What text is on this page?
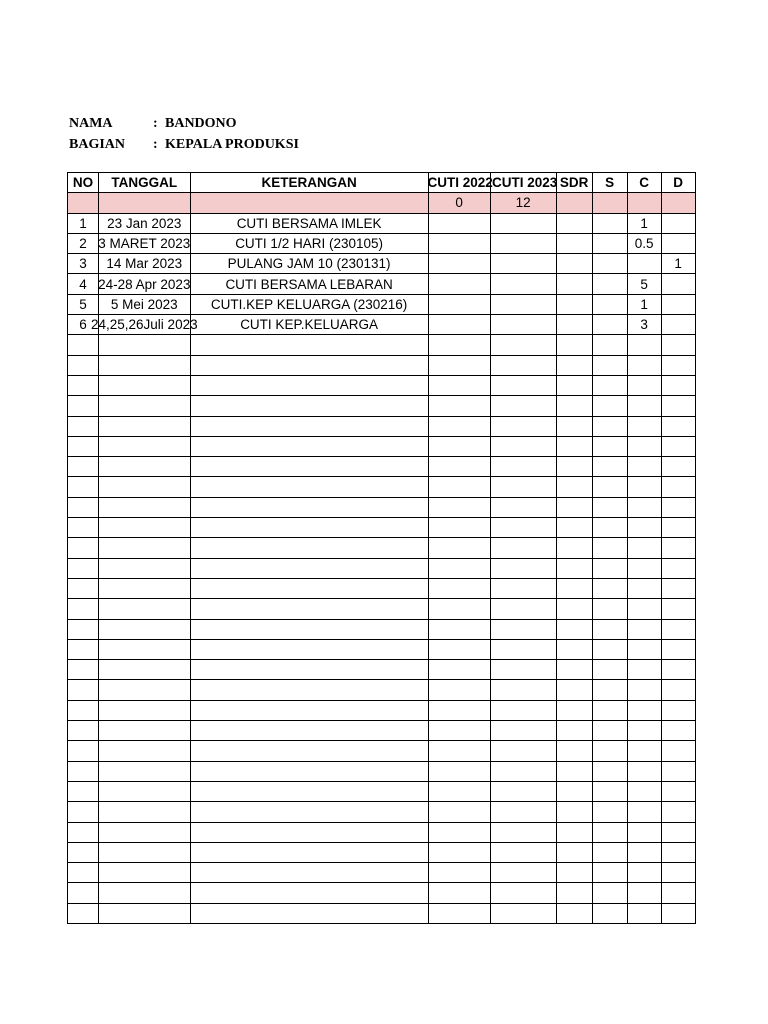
NAMA	: BANDONO
BAGIAN : KEPALA PRODUKSI
NO	TANGGAL	KETERANGAN	CUTI 2022	CUTI 2023	SDR	S	C	D
			0	12				
1	23 Jan 2023	CUTI BERSAMA IMLEK					1	
2	3 MARET 2023	CUTI 1/2 HARI (230105)					0.5	
3	14 Mar 2023	PULANG JAM 10 (230131)						1
4	24-28 Apr 2023	CUTI BERSAMA LEBARAN					5	
5	5 Mei 2023	CUTI.KEP KELUARGA (230216)					1	
6	24,25,26Juli 2023	CUTI KEP.KELUARGA					3	
